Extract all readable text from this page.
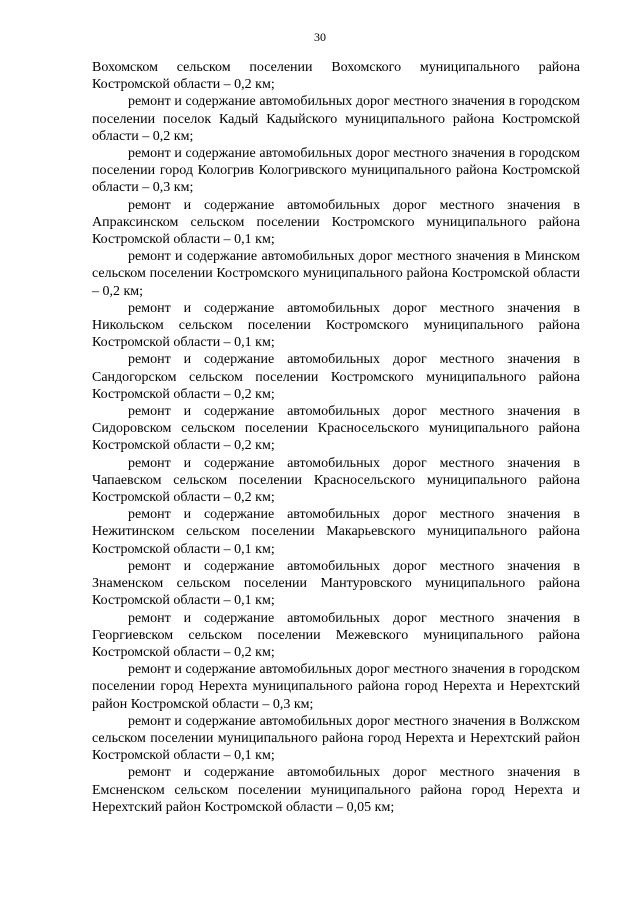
30

Вохомском сельском поселении Вохомского муниципального района Костромской области – 0,2 км;

ремонт и содержание автомобильных дорог местного значения в городском поселении поселок Кадый Кадыйского муниципального района Костромской области – 0,2 км;

ремонт и содержание автомобильных дорог местного значения в городском поселении город Кологрив Кологривского муниципального района Костромской области – 0,3 км;

ремонт и содержание автомобильных дорог местного значения в Апраксинском сельском поселении Костромского муниципального района Костромской области – 0,1 км;

ремонт и содержание автомобильных дорог местного значения в Минском сельском поселении Костромского муниципального района Костромской области – 0,2 км;

ремонт и содержание автомобильных дорог местного значения в Никольском сельском поселении Костромского муниципального района Костромской области – 0,1 км;

ремонт и содержание автомобильных дорог местного значения в Сандогорском сельском поселении Костромского муниципального района Костромской области – 0,2 км;

ремонт и содержание автомобильных дорог местного значения в Сидоровском сельском поселении Красносельского муниципального района Костромской области – 0,2 км;

ремонт и содержание автомобильных дорог местного значения в Чапаевском сельском поселении Красносельского муниципального района Костромской области – 0,2 км;

ремонт и содержание автомобильных дорог местного значения в Нежитинском сельском поселении Макарьевского муниципального района Костромской области – 0,1 км;

ремонт и содержание автомобильных дорог местного значения в Знаменском сельском поселении Мантуровского муниципального района Костромской области – 0,1 км;

ремонт и содержание автомобильных дорог местного значения в Георгиевском сельском поселении Межевского муниципального района Костромской области – 0,2 км;

ремонт и содержание автомобильных дорог местного значения в городском поселении город Нерехта муниципального района город Нерехта и Нерехтский район Костромской области – 0,3 км;

ремонт и содержание автомобильных дорог местного значения в Волжском сельском поселении муниципального района город Нерехта и Нерехтский район Костромской области – 0,1 км;

ремонт и содержание автомобильных дорог местного значения в Емсненском сельском поселении муниципального района город Нерехта и Нерехтский район Костромской области – 0,05 км;
